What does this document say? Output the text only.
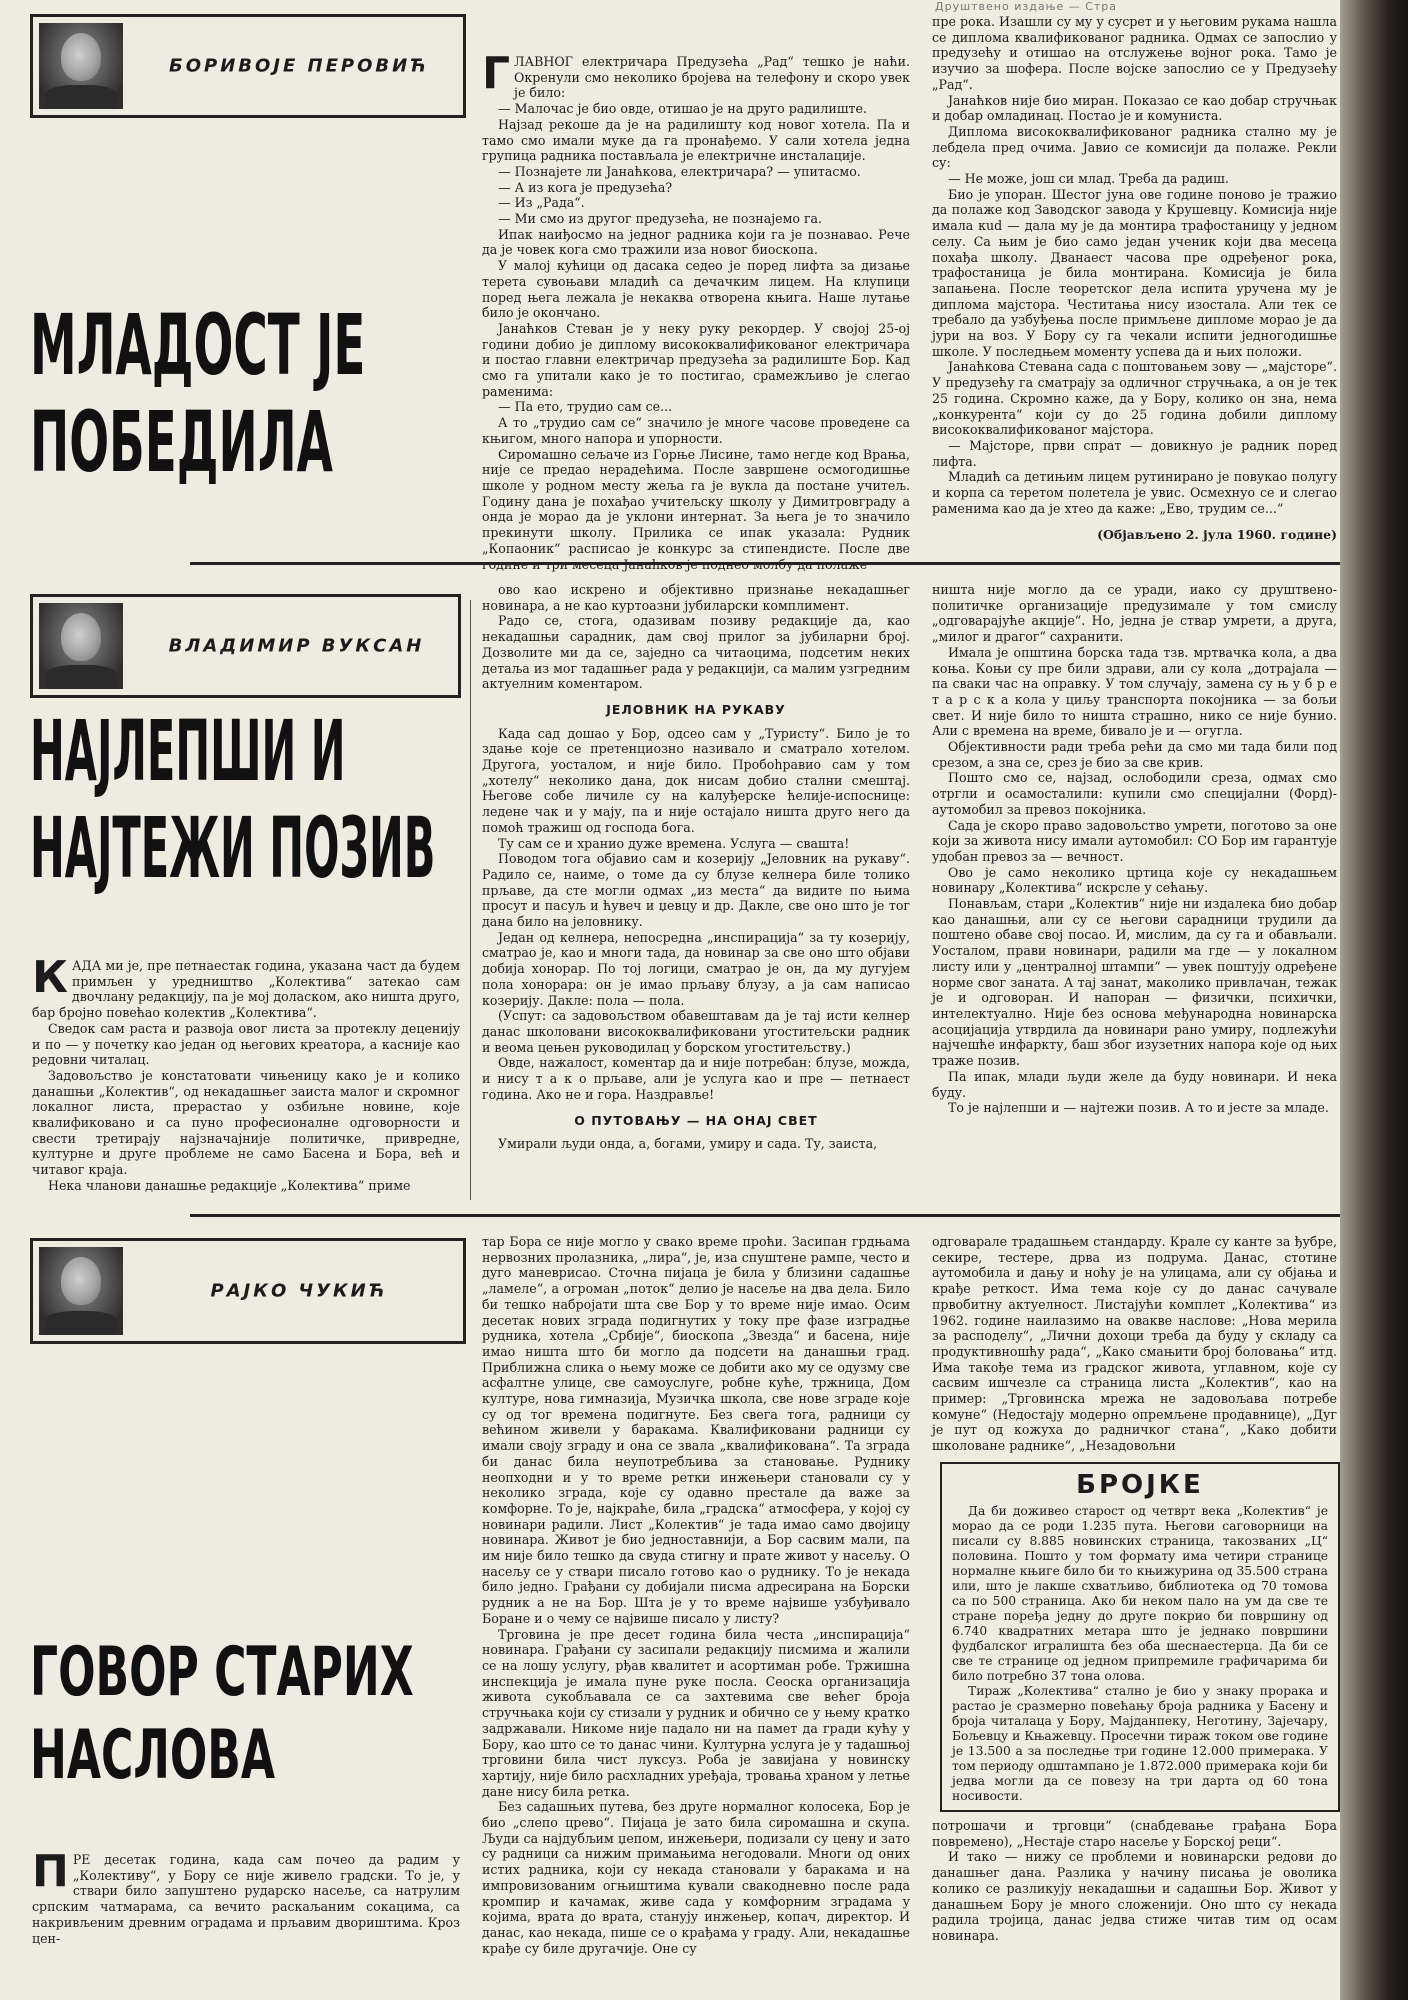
Друштвено издање — Стра
БОРИВОЈЕ ПЕРОВИЋ
МЛАДОСТ ЈЕ
ПОБЕДИЛА
Г ЛАВНОГ електричара Предузећа „Рад“ тешко је наћи. Окренули смо неколико бројева на телефону и скоро увек је било:

— Малочас је био овде, отишао је на друго радилиште.

Најзад рекоше да је на радилишту код новог хотела. Па и тамо смо имали муке да га пронађемо. У сали хотела једна групица радника постављала је електричне инсталације.

— Познајете ли Јанаћкова, електричара? — упитасмо.

— А из кога је предузећа?

— Из „Рада“.

— Ми смо из другог предузећа, не познајемо га.

Ипак наиђосмо на једног радника који га је познавао. Рече да је човек кога смо тражили иза новог биоскопа.

У малој кућици од дасака седео је поред лифта за дизање терета сувоњави младић са дечачким лицем. На клупици поред њега лежала је некаква отворена књига. Наше лутање било је окончано.

Јанаћков Стеван је у неку руку рекордер. У својој 25-ој години добио је диплому висококвалификованог електричара и постао главни електричар предузећа за радилиште Бор. Кад смо га упитали како је то постигао, срамежљиво је слегао раменима:

— Па ето, трудио сам се...

А то „трудио сам се“ значило је многе часове проведене са књигом, много напора и упорности.

Сиромашно сељаче из Горње Лисине, тамо негде код Врања, није се предао нерадећима. После завршене осмогодишње школе у родном месту жеља га је вукла да постане учитељ. Годину дана је похађао учитељску школу у Димитровграду а онда је морао да је уклони интернат. За њега је то значило прекинути школу. Прилика се ипак указала: Рудник „Копаоник“ расписао је конкурс за стипендисте. После две године и три месеца Јанаћков је поднео молбу да полаже

пре рока. Изашли су му у сусрет и у његовим рукама нашла се диплома квалификованог радника. Одмах се запослио у предузећу и отишао на отслужење војног рока. Тамо је изучио за шофера. После војске запослио се у Предузећу „Рад“.

Јанаћков није био миран. Показао се као добар стручњак и добар омладинац. Постао је и комуниста.

Диплома висококвалификованог радника стално му је лебдела пред очима. Јавио се комисији да полаже. Рекли су:

— Не може, још си млад. Треба да радиш.

Био је упоран. Шестог јуна ове године поново је тражио да полаже код Заводског завода у Крушевцу. Комисија није имала кud — дала му је да монтира трафостаницу у једном селу. Са њим је био само један ученик који два месеца похађа школу. Дванаест часова пре одређеног рока, трафостаница је била монтирана. Комисија је била запањена. После теоретског дела испита уручена му је диплома мајстора. Честитања нису изостала. Али тек се требало да узбуђења после примљене дипломе морао је да јури на воз. У Бору су га чекали испити једногодишње школе. У последњем моменту успева да и њих положи.

Јанаћкова Стевана сада с поштовањем зову — „мајсторе“. У предузећу га сматрају за одличног стручњака, а он је тек 25 година. Скромно каже, да у Бору, колико он зна, нема „конкурента“ који су до 25 година добили диплому висококвалификованог мајстора.

— Мајсторе, први спрат — довикнуо је радник поред лифта.

Младић са детињим лицем рутинирано је повукао полугу и корпа са теретом полетела је увис. Осмехнуо се и слегао раменима као да је хтео да каже: „Ево, трудим се...“

(Објављено 2. јула 1960. године)
ВЛАДИМИР ВУКСАН
НАЈЛЕПШИ И
НАЈТЕЖИ ПОЗИВ
К АДА ми је, пре петнаестак година, указана част да будем примљен у уредништво „Колектива“ затекао сам двочлану редакцију, па је мој доласком, ако ништа друго, бар бројно повећао колектив „Колектива“.

Сведок сам раста и развоја овог листа за протеклу деценију и по — у почетку као један од његових креатора, а касније као редовни читалац.

Задовољство је констатовати чињеницу како је и колико данашњи „Колектив“, од некадашњег заиста малог и скромног локалног листа, прерастао у озбиљне новине, које квалификовано и са пуно професионалне одговорности и свести третирају најзначајније политичке, привредне, културне и друге проблеме не само Басена и Бора, већ и читавог краја.

Нека чланови данашње редакције „Колектива“ приме

ово као искрено и објективно признање некадашњег новинара, а не као куртоазни јубиларски комплимент.

Радо се, стога, одазивам позиву редакције да, као некадашњи сарадник, дам свој прилог за јубиларни број. Дозволите ми да се, заједно са читаоцима, подсетим неких детаља из мог тадашњег рада у редакцији, са малим узгредним актуелним коментаром.

ЈЕЛОВНИК НА РУКАВУ

Када сад дошао у Бор, одсео сам у „Туристу“. Било је то здање које се претенциозно називало и сматрало хотелом. Другога, уосталом, и није било. Пробоhравио сам у том „хотелу“ неколико дана, док нисам добио стални смештај. Његове собе личиле су на калуђерске ћелије-испоснице: ледене чак и у мају, па и није остајало ништа друго него да помоћ тражиш од господа бога.

Ту сам се и хранио дуже времена. Услуга — сваштa!

Поводом тога објавио сам и козерију „Јеловник на рукаву“. Радило се, наиме, о томе да су блузе келнера биле толико прљаве, да сте могли одмах „из места“ да видите по њима просут и пасуљ и ћувеч и џевцу и др. Дакле, све оно што је тог дана било на јеловнику.

Један од келнера, непосредна „инспирација“ за ту козерију, сматрао је, као и многи тада, да новинар за све оно што објави добија хонорар. По тој логици, сматрао је он, да му дугујем пола хонорара: он је имао прљаву блузу, а ја сам написао козерију. Дакле: пола — пола.

(Успут: са задовољством обавештавам да је тај исти келнер данас школовани висококвалификовани угоститељски радник и веома цењен руководилац у борском угоститељству.)

Овде, нажалост, коментар да и није потребан: блузе, можда, и нису т а к о прљаве, али је услуга као и пре — петнаест година. Ако не и гора. Наздравље!

О ПУТОВАЊУ — НА ОНАЈ СВЕТ

Умирали људи онда, а, богами, умиру и сада. Ту, заиста,

ништа није могло да се уради, иако су друштвено-политичке организације предузимале у том смислу „одговарајуће акције“. Но, једна је ствар умрети, а друга, „милог и драгог“ сахранити.

Имала је општина борска тада тзв. мртвачка кола, а два коња. Коњи су пре били здрави, али су кола „дотрајала — па сваки час на оправку. У том случају, замена су њ у б р е т а р с к а кола у циљу транспорта покојника — за бољи свет. И није било то ништа страшно, нико се није бунио. Али с времена на време, бивало је и — огугла.

Објективности ради треба рећи да смо ми тада били под срезом, а зна се, срез је био за све крив.

Пошто смо се, најзад, ослободили среза, одмах смо отргли и осамосталили: купили смо специјални (Форд)-аутомобил за превоз покојника.

Сада је скоро право задовољство умрети, поготово за оне који за живота нису имали аутомобил: СО Бор им гарантује удобан превоз за — вечност.

Ово је само неколико цртица које су некадашњем новинару „Колектива“ искрсле у сећању.

Понављам, стари „Колектив“ није ни издалека био добар као данашњи, али су се његови сарадници трудили да поштено обаве свој посао. И, мислим, да су га и обављали. Уосталом, прави новинари, радили ма где — у локалном листу или у „централној штампи“ — увек поштују одређене норме свог занатa. А тај занат, маколико привлачан, тежак је и одговоран. И напоран — физички, психички, интелектуално. Није без основа међународна новинарска асоцијација утврдила да новинари рано умиру, подлежући најчешће инфаркту, баш због изузетних напора које од њих траже позив.

Па ипак, млади људи желе да буду новинари. И нека буду.

То је најлепши и — најтежи позив. А то и јесте за младе.

РАЈКО ЧУКИЋ
ГОВОР СТАРИХ
НАСЛОВА
П РЕ десетак година, када сам почео да радим у „Колективу“, у Бору се није живело градски. То је, у ствари било запуштено рударско насеље, са натрулим српским чатмарама, са вечито раскаљаним сокацима, са накривљеним древним оградама и прљавим двориштима. Кроз цен-

тар Бора се није могло у свако време проћи. Засипан грдњама нервозних пролазника, „лира“, је, иза спуштене рампе, често и дуго маневрисао. Сточна пијаца је била у близини садашње „ламеле“, а огроман „поток“ делио је насеље на два дела. Било би тешко набројати шта све Бор у то време није имао. Осим десетак нових зграда подигнутих у току пре фазе изградње рудника, хотела „Србије“, биоскопа „Звезда“ и басена, није имао ништа што би могло да подсети на данашњи град. Приближна слика о њему може се добити ако му се одузму све асфалтне улице, све самоуслуге, робне куће, тржница, Дом културе, нова гимназија, Музичка школа, све нове зграде које су од тог времена подигнуте. Без свега тога, радници су већином живели у баракама. Квалификовани радници су имали своју зграду и она се звала „квалификована“. Та зграда би данас била неупотребљива за становање. Руднику неопходни и у то време ретки инжењери становали су у неколико зграда, које су одавно престале да важе за комфорне. То је, најкраће, била „градска“ атмосфера, у којој су новинари радили. Лист „Колектив“ је тада имао само двојицу новинара. Живот је био једноставнији, а Бор сасвим мали, па им није било тешко да свуда стигну и прате живот у насељу. О насељу се у ствари писало готово као о руднику. То је некада било једно. Грађани су добијали писма адресирана на Борски рудник а не на Бор. Шта је у то време највише узбуђивало Боране и о чему се највише писало у листу?

Трговина је пре десет година била честа „инспирација“ новинара. Грађани су засипали редакцију писмима и жалили се на лошу услугу, рђав квалитет и асортиман робе. Тржишна инспекција је имала пуне руке посла. Сеоска организација живота сукобљавала се са захтевима све већег броја стручњака који су стизали у рудник и обично се у њему кратко задржавали. Никоме није падало ни на памет да гради кућу у Бору, као што се то данас чини. Културна услуга је у тадашњој трговини била чист луксуз. Роба је завијана у новинску хартију, није било расхладних уређаја, тровања храном у летње дане нису била ретка.

Без садашњих путева, без друге нормалног колосека, Бор је био „слепо црево“. Пијаца је зато била сиромашна и скупа. Људи са најдубљим џепом, инжењери, подизали су цену и зато су радници са нижим примањима негодовали. Многи од оних истих радника, који су некада становали у баракама и на импровизованим огњиштима кували свакодневно после рада кромпир и качамак, живе сада у комфорним зградама у којима, врата до врата, станују инжењер, копач, директор. И данас, као некада, пише се о крађама у граду. Али, некадашње крађе су биле другачије. Оне су

одговарале традашњем стандарду. Крале су канте за ђубре, секире, тестере, дрва из подрума. Данас, стотине аутомобила и дању и ноћу је на улицама, али су објањa и крађе реткост. Има тема које су до данас сачувале првобитну актуелност. Листајући комплет „Колектива“ из 1962. године наилазимо на овакве наслове: „Нова мерила за расподелу“, „Лични дохоци треба да буду у складу са продуктивношћу рада“, „Како смањити број боловања“ итд. Има такође тема из градског живота, углавном, које су сасвим ишчезле са страница листа „Колектив“, као на пример: „Трговинска мрежа не задовољава потребе комуне“ (Недостају модерно опремљене продавнице), „Дуг је пут од кожуха до радничког стана“, „Како добити школоване раднике“, „Незадовољни

БРОЈКЕ

Да би доживео старост од четврт века „Колектив“ је морао да се роди 1.235 пута. Његови саговорници на писали су 8.885 новинских страница, такозваних „Ц“ половина. Пошто у том формату има четири странице нормалне књиге било би то књижурина од 35.500 страна или, што је лакше схватљиво, библиотека од 70 томова са по 500 страница. Ако би неком пало на ум да све те стране поређа једну до друге покрио би површину од 6.740 квадратних метара што је једнако површини фудбалског игралишта без оба шеснаестерца. Да би се све те странице од једном припремиле графичарима би било потребно 37 тона олова.

Тираж „Колектива“ стално је био у знаку прорака и растао је сразмерно повећању броја радника у Басену и броја читалаца у Бору, Мајданпеку, Неготину, Зајечару, Бољевцу и Књажевцу. Просечни тираж током ове године је 13.500 а за последње три године 12.000 примерака. У том периоду одштампано је 1.872.000 примерака који би једва могли да се повезу на три дарта од 60 тона носивости.

потрошачи и трговци“ (снабдевање грађана Бора повремено), „Нестаје старо насеље у Борској реци“.

И тако — нижу се проблеми и новинарски редови до данашњег дана. Разлика у начину писања је оволика колико се разликују некадашњи и садашњи Бор. Живот у данашњем Бору је много сложенији. Оно што су некада радила тројица, данас једва стиже читав тим од осам новинара.
